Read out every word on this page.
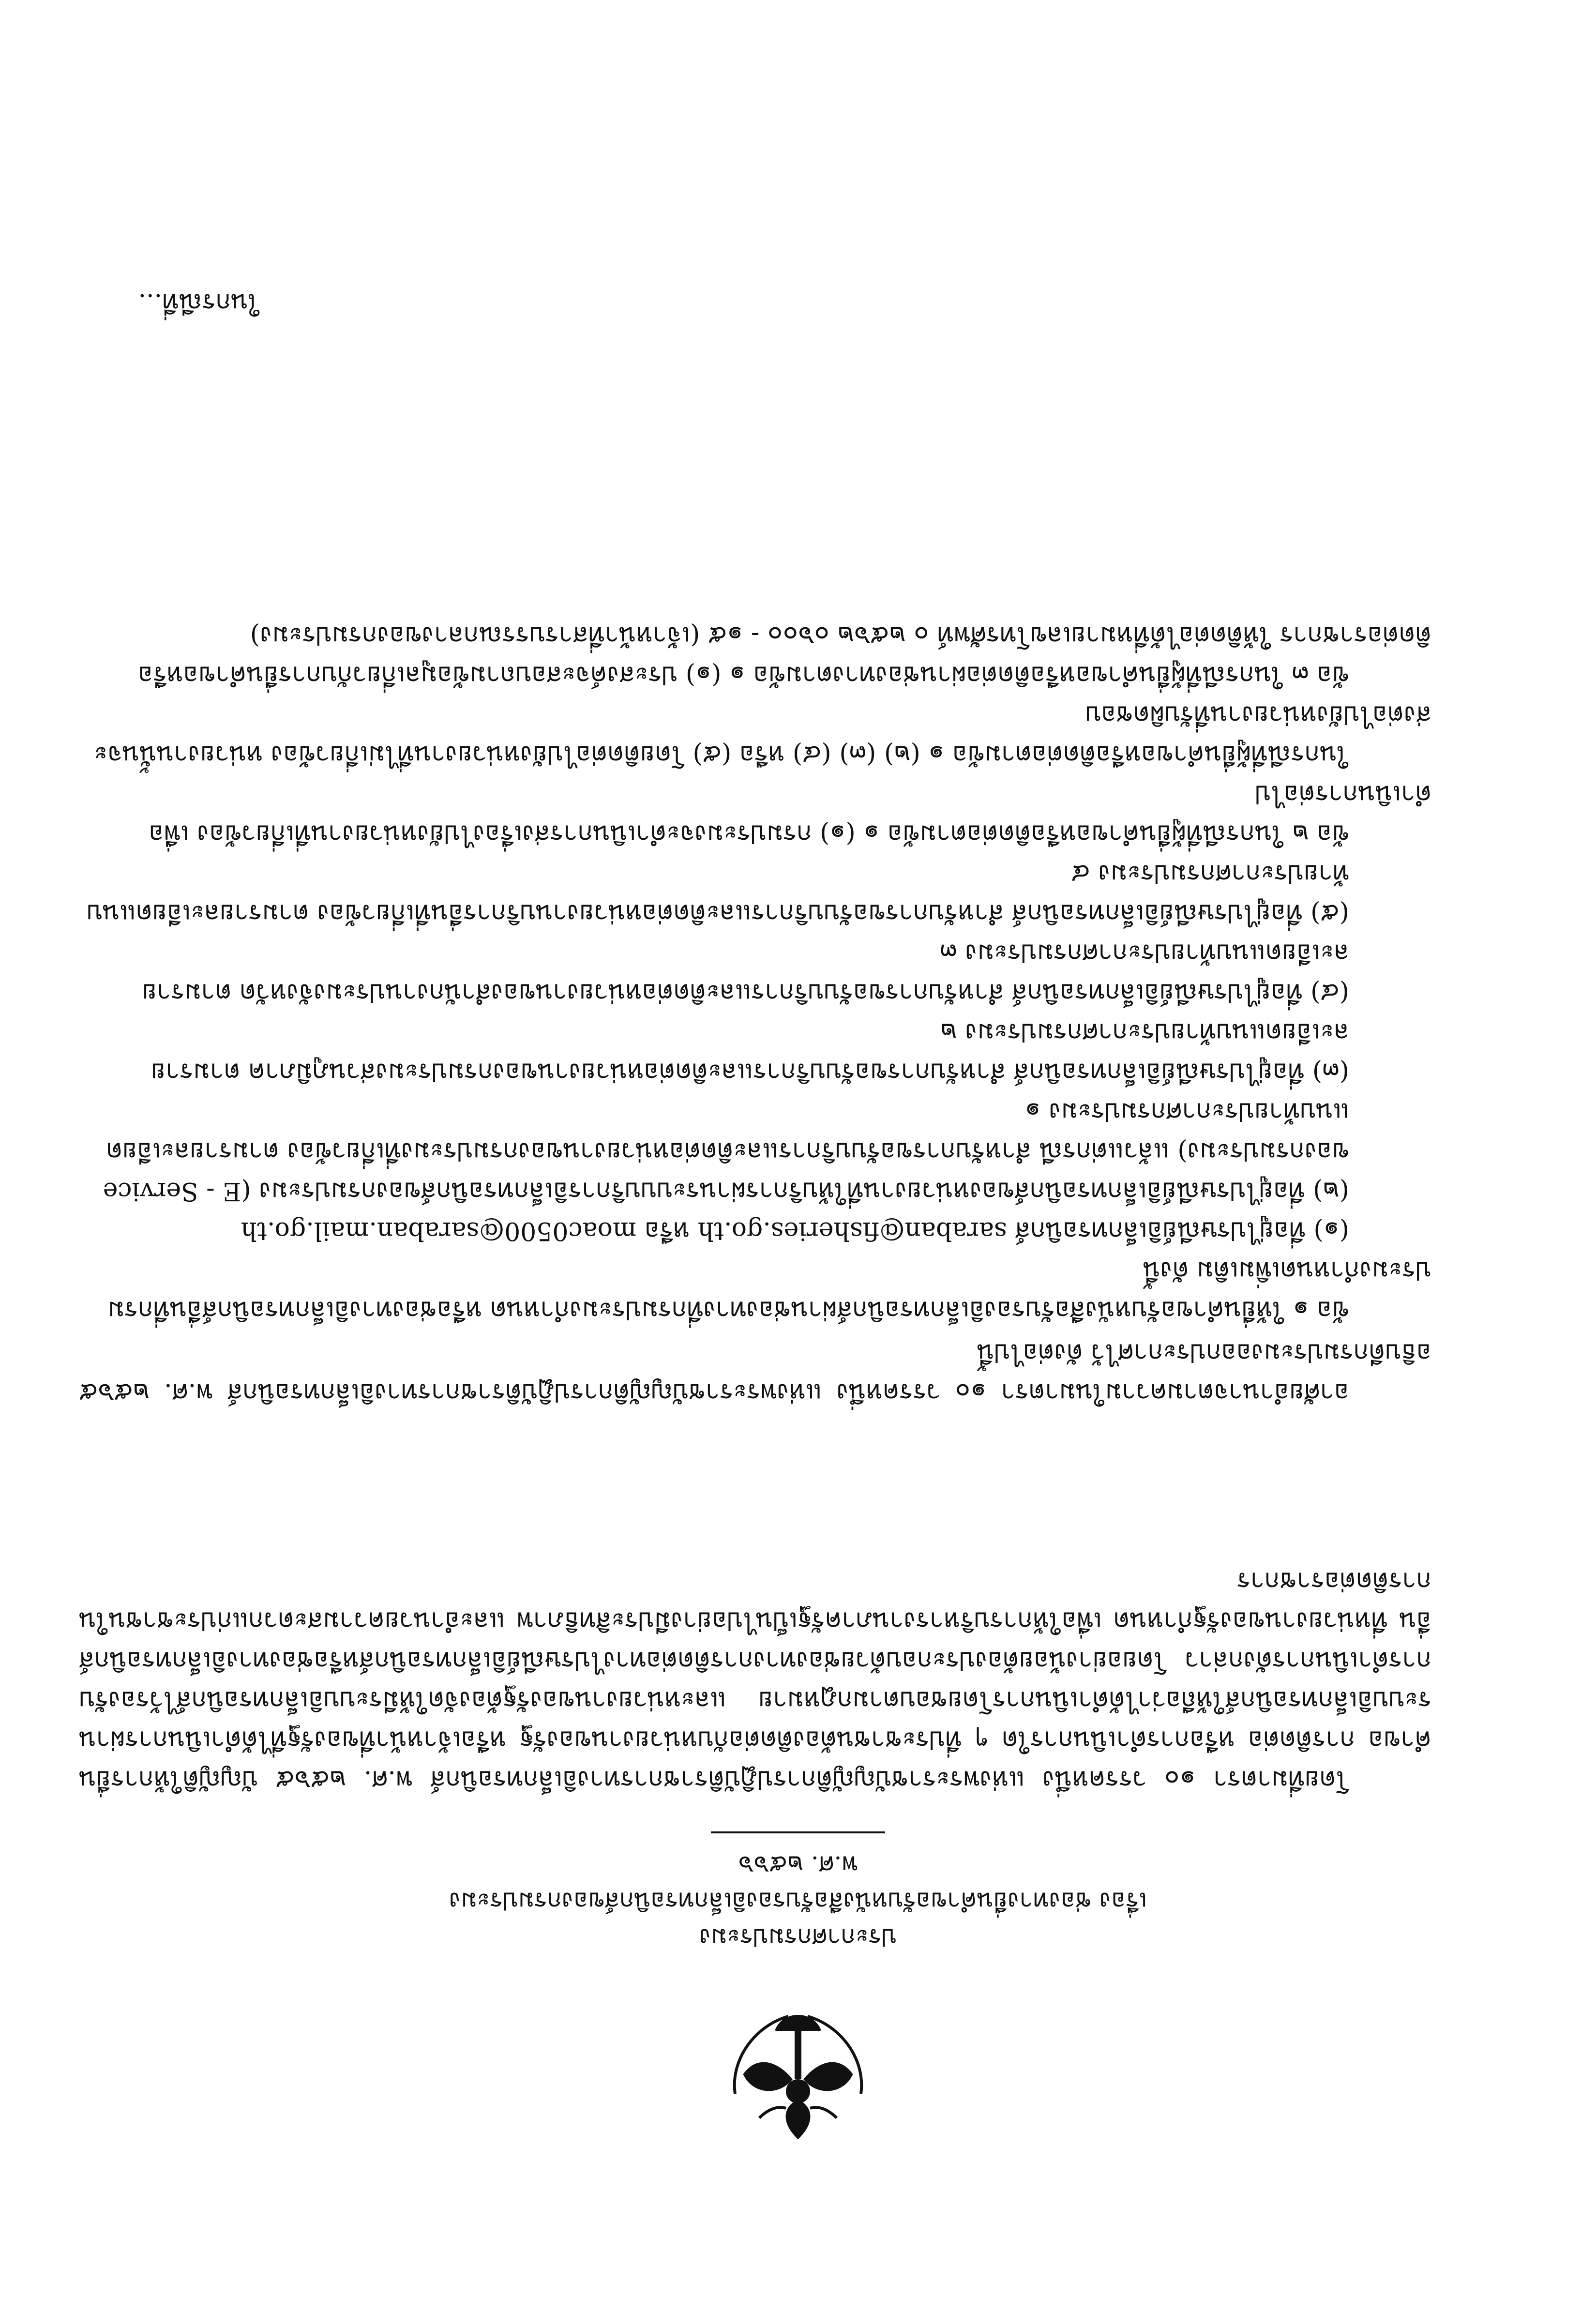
ประกาศกรมประมง
เรื่อง ช่องทางยื่นคำขอรับหนังสือรับรองอิเล็กทรอนิกส์ของกรมประมง
พ.ศ. ๒๕๖๖

โดยที่มาตรา ๑๐ วรรคหนึ่ง แห่งพระราชบัญญัติการปฏิบัติราชการทางอิเล็กทรอนิกส์ พ.ศ. ๒๕๖๕ บัญญัติให้การยื่นคำขอ การติดต่อ หรือการดำเนินการใด ๆ ที่ประชาชนต้องติดต่อกับหน่วยงานของรัฐ หรือเจ้าหน้าที่ของรัฐที่ได้ดำเนินการผ่านระบบอิเล็กทรอนิกส์ให้ถือว่าได้ดำเนินการโดยชอบตามกฎหมาย และหน่วยงานของรัฐต้องจัดให้มีระบบอิเล็กทรอนิกส์ไว้รองรับการดำเนินการดังกล่าว โดยอย่างน้อยต้องประกอบด้วยช่องทางการติดต่อทางไปรษณีย์อิเล็กทรอนิกส์หรือช่องทางอิเล็กทรอนิกส์อื่น ที่หน่วยงานของรัฐกำหนด เพื่อให้การบริหารงานภาครัฐเป็นไปอย่างมีประสิทธิภาพ และอำนวยความสะดวกแก่ประชาชนในการติดต่อราชการ

อาศัยอำนาจตามความในมาตรา ๑๐ วรรคหนึ่ง แห่งพระราชบัญญัติการปฏิบัติราชการทางอิเล็กทรอนิกส์ พ.ศ. ๒๕๖๕ อธิบดีกรมประมงออกประกาศไว้ ดังต่อไปนี้

ข้อ ๑ ให้ยื่นคำขอรับหนังสือรับรองอิเล็กทรอนิกส์ผ่านช่องทางที่กรมประมงกำหนด หรือช่องทางอิเล็กทรอนิกส์อื่นที่กรมประมงกำหนดเพิ่มเติม ดังนี้

(๑) ที่อยู่ไปรษณีย์อิเล็กทรอนิกส์ saraban@fisheries.go.th หรือ moac0500@saraban.mail.go.th

(๒) ที่อยู่ไปรษณีย์อิเล็กทรอนิกส์ของหน่วยงานที่ให้บริการผ่านระบบบริการอิเล็กทรอนิกส์ของกรมประมง (E - Service ของกรมประมง) แล้วแต่กรณี สำหรับการขอรับบริการและติดต่อหน่วยงานของกรมประมงที่เกี่ยวข้อง ตามรายละเอียดแนบท้ายประกาศกรมประมง ๑

(๓) ที่อยู่ไปรษณีย์อิเล็กทรอนิกส์ สำหรับการขอรับบริการและติดต่อหน่วยงานของกรมประมงส่วนภูมิภาค ตามรายละเอียดแนบท้ายประกาศกรมประมง ๒

(๔) ที่อยู่ไปรษณีย์อิเล็กทรอนิกส์ สำหรับการขอรับบริการและติดต่อหน่วยงานของสำนักงานประมงจังหวัด ตามรายละเอียดแนบท้ายประกาศกรมประมง ๓

(๕) ที่อยู่ไปรษณีย์อิเล็กทรอนิกส์ สำหรับการขอรับบริการและติดต่อหน่วยงานบริการอื่นที่เกี่ยวข้อง ตามรายละเอียดแนบท้ายประกาศกรมประมง ๔

ข้อ ๒ ในกรณีที่ผู้ยื่นคำขอหรือติดต่อตามข้อ ๑ (๑) กรมประมงจะดำเนินการส่งเรื่องไปยังหน่วยงานที่เกี่ยวข้อง เพื่อดำเนินการต่อไป

ในกรณีที่ผู้ยื่นคำขอหรือติดต่อตามข้อ ๑ (๒) (๓) (๔) หรือ (๕) โดยติดต่อไปยังหน่วยงานที่ไม่เกี่ยวข้อง หน่วยงานนั้นจะส่งต่อไปยังหน่วยงานที่รับผิดชอบ

ข้อ ๓ ในกรณีที่ผู้ยื่นคำขอหรือติดต่อผ่านช่องทางตามข้อ ๑ (๑) ประสงค์จะสอบถามข้อมูลเกี่ยวกับการยื่นคำขอหรือติดต่อราชการ ให้ติดต่อได้ที่หมายเลขโทรศัพท์ ๐ ๒๕๖๒ ๐๖๐๐ - ๑๕ (เจ้าหน้าที่สารบรรณกลางของกรมประมง)

ในกรณีที่...
